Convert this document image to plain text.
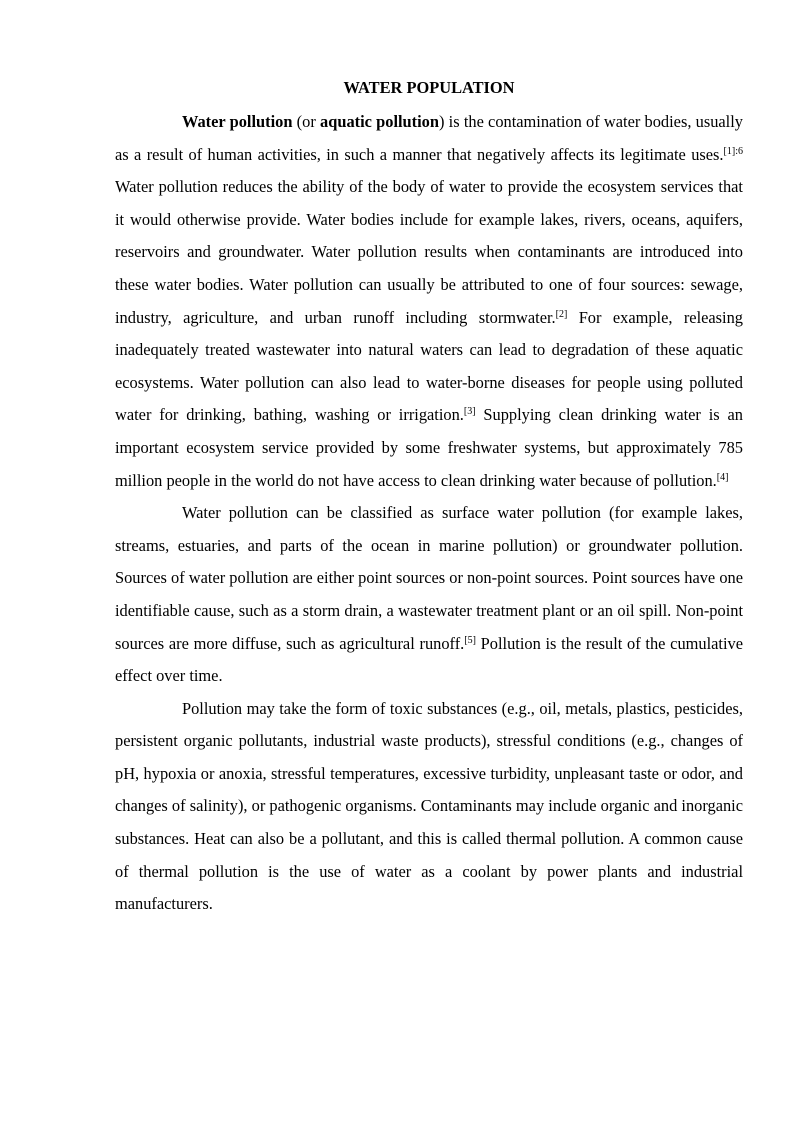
WATER POPULATION

Water pollution (or aquatic pollution) is the contamination of water bodies, usually as a result of human activities, in such a manner that negatively affects its legitimate uses.$^{[1]:6}$ Water pollution reduces the ability of the body of water to provide the ecosystem services that it would otherwise provide. Water bodies include for example lakes, rivers, oceans, aquifers, reservoirs and groundwater. Water pollution results when contaminants are introduced into these water bodies. Water pollution can usually be attributed to one of four sources: sewage, industry, agriculture, and urban runoff including stormwater.[2] For example, releasing inadequately treated wastewater into natural waters can lead to degradation of these aquatic ecosystems. Water pollution can also lead to water-borne diseases for people using polluted water for drinking, bathing, washing or irrigation.[3] Supplying clean drinking water is an important ecosystem service provided by some freshwater systems, but approximately 785 million people in the world do not have access to clean drinking water because of pollution.[4]

Water pollution can be classified as surface water pollution (for example lakes, streams, estuaries, and parts of the ocean in marine pollution) or groundwater pollution. Sources of water pollution are either point sources or non-point sources. Point sources have one identifiable cause, such as a storm drain, a wastewater treatment plant or an oil spill. Non-point sources are more diffuse, such as agricultural runoff.[5] Pollution is the result of the cumulative effect over time.

Pollution may take the form of toxic substances (e.g., oil, metals, plastics, pesticides, persistent organic pollutants, industrial waste products), stressful conditions (e.g., changes of pH, hypoxia or anoxia, stressful temperatures, excessive turbidity, unpleasant taste or odor, and changes of salinity), or pathogenic organisms. Contaminants may include organic and inorganic substances. Heat can also be a pollutant, and this is called thermal pollution. A common cause of thermal pollution is the use of water as a coolant by power plants and industrial manufacturers.
